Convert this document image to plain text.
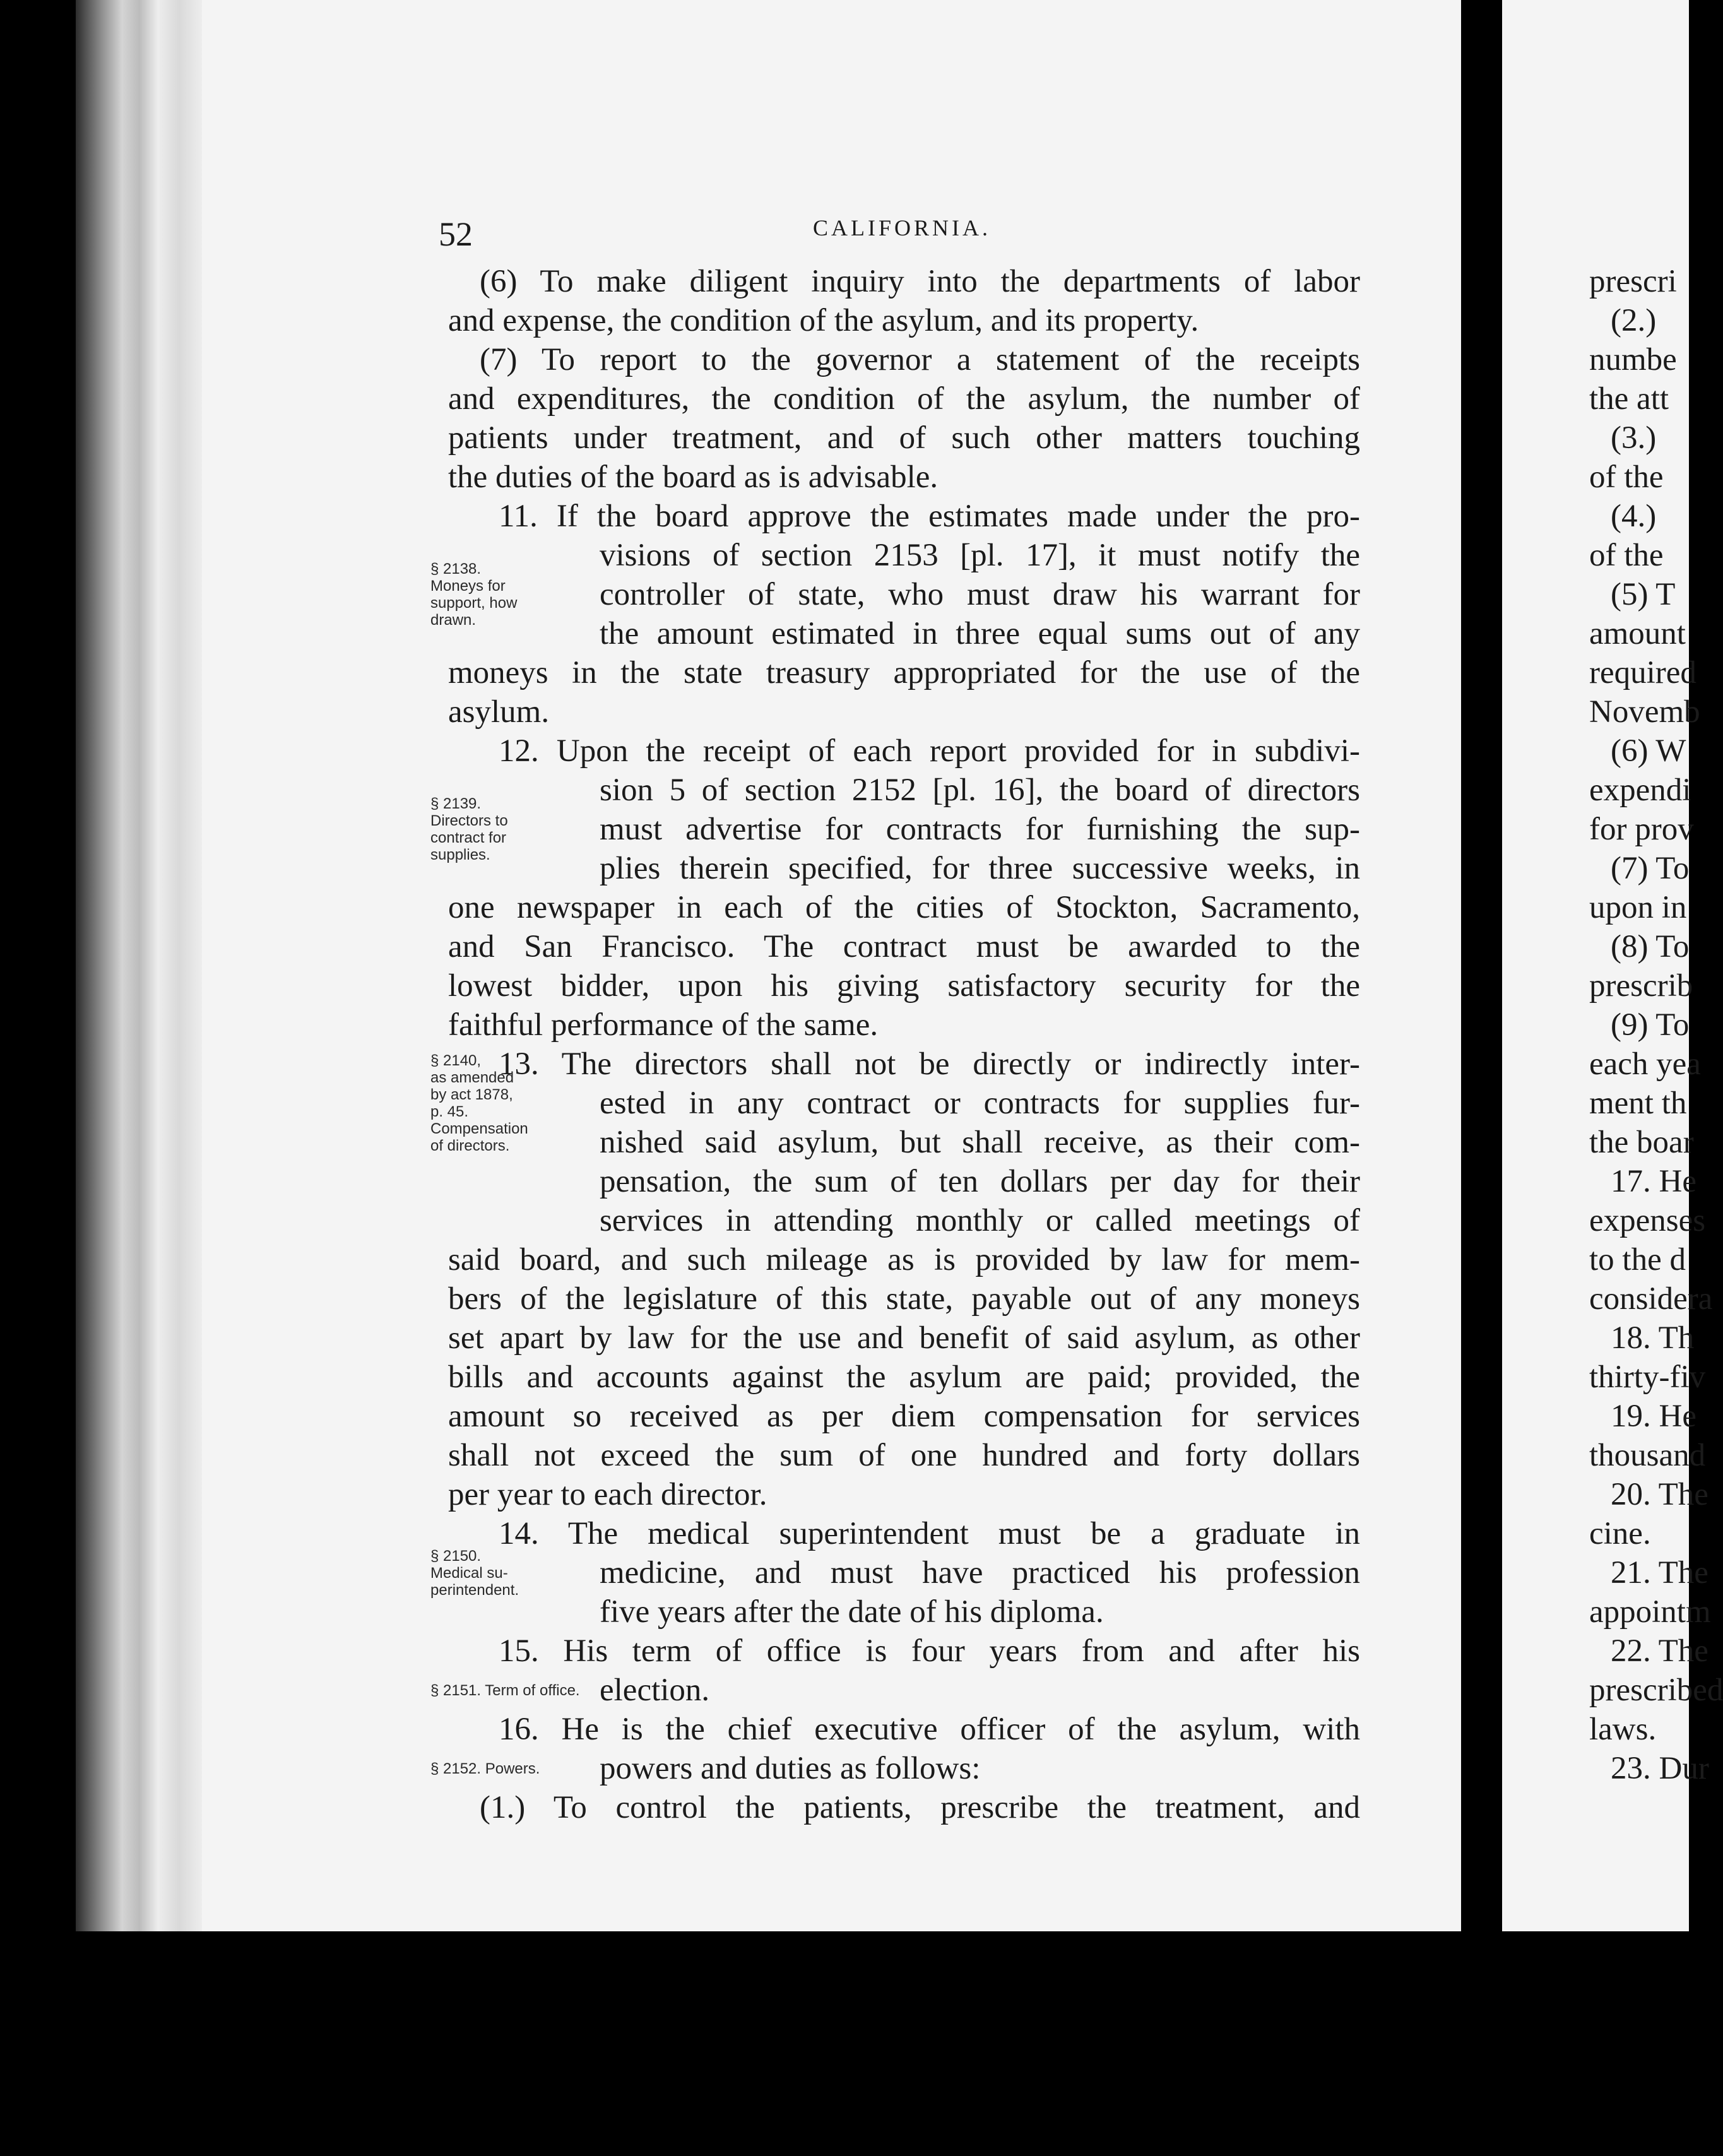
52	CALIFORNIA.
(6) To make diligent inquiry into the departments of labor
and expense, the condition of the asylum, and its property.
(7) To report to the governor a statement of the receipts
and expenditures, the condition of the asylum, the number of
patients under treatment, and of such other matters touching
the duties of the board as is advisable.
11. If the board approve the estimates made under the pro-
visions of section 2153 [pl. 17], it must notify the
controller of state, who must draw his warrant for
the amount estimated in three equal sums out of any
moneys in the state treasury appropriated for the use of the
asylum.
12. Upon the receipt of each report provided for in subdivi-
sion 5 of section 2152 [pl. 16], the board of directors
must advertise for contracts for furnishing the sup-
plies therein specified, for three successive weeks, in
one newspaper in each of the cities of Stockton, Sacramento,
and San Francisco. The contract must be awarded to the
lowest bidder, upon his giving satisfactory security for the
faithful performance of the same.
13. The directors shall not be directly or indirectly inter-
ested in any contract or contracts for supplies fur-
nished said asylum, but shall receive, as their com-
pensation, the sum of ten dollars per day for their
services in attending monthly or called meetings of
said board, and such mileage as is provided by law for mem-
bers of the legislature of this state, payable out of any moneys
set apart by law for the use and benefit of said asylum, as other
bills and accounts against the asylum are paid; provided, the
amount so received as per diem compensation for services
shall not exceed the sum of one hundred and forty dollars
per year to each director.
14. The medical superintendent must be a graduate in
medicine, and must have practiced his profession
five years after the date of his diploma.
15. His term of office is four years from and after his
election.
16. He is the chief executive officer of the asylum, with
powers and duties as follows:
(1.) To control the patients, prescribe the treatment, and
§ 2138.
Moneys for
support, how
drawn.
§ 2139.
Directors to
contract for
supplies.
§ 2140,
as amended
by act 1878,
p. 45.
Compensation
of directors.
§ 2150.
Medical su-
perintendent.
§ 2151. Term of office.
§ 2152. Powers.
prescri
(2.)
numbe
the att
(3.)
of the
(4.)
of the
(5) T
amount
required
Novemb
(6) W
expendi
for prov
(7) To
upon in
(8) To
prescrib
(9) To
each yea
ment th
the boar
17. He
expenses
to the d
considera
18. Th
thirty-fiv
19. He
thousand
20. The
cine.
21. The
appointm
22. The
prescribed
laws.
23. Dur
